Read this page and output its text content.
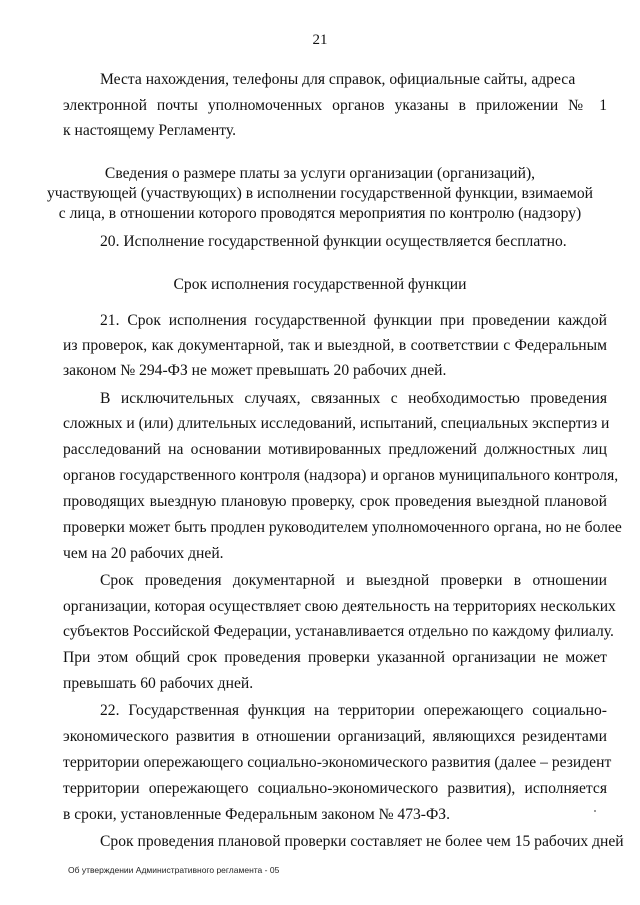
21
Места нахождения, телефоны для справок, официальные сайты, адреса
электронной почты уполномоченных органов указаны в приложении № 1
к настоящему Регламенту.
Сведения о размере платы за услуги организации (организаций),
участвующей (участвующих) в исполнении государственной функции, взимаемой
с лица, в отношении которого проводятся мероприятия по контролю (надзору)
20. Исполнение государственной функции осуществляется бесплатно.
Срок исполнения государственной функции
21. Срок исполнения государственной функции при проведении каждой
из проверок, как документарной, так и выездной, в соответствии с Федеральным
законом № 294-ФЗ не может превышать 20 рабочих дней.
В исключительных случаях, связанных с необходимостью проведения
сложных и (или) длительных исследований, испытаний, специальных экспертиз и
расследований на основании мотивированных предложений должностных лиц
органов государственного контроля (надзора) и органов муниципального контроля,
проводящих выездную плановую проверку, срок проведения выездной плановой
проверки может быть продлен руководителем уполномоченного органа, но не более
чем на 20 рабочих дней.
Срок проведения документарной и выездной проверки в отношении
организации, которая осуществляет свою деятельность на территориях нескольких
субъектов Российской Федерации, устанавливается отдельно по каждому филиалу.
При этом общий срок проведения проверки указанной организации не может
превышать 60 рабочих дней.
22. Государственная функция на территории опережающего социально-
экономического развития в отношении организаций, являющихся резидентами
территории опережающего социально-экономического развития (далее – резидент
территории опережающего социально-экономического развития), исполняется
в сроки, установленные Федеральным законом № 473-ФЗ.
Срок проведения плановой проверки составляет не более чем 15 рабочих дней
Об утверждении Административного регламента - 05
